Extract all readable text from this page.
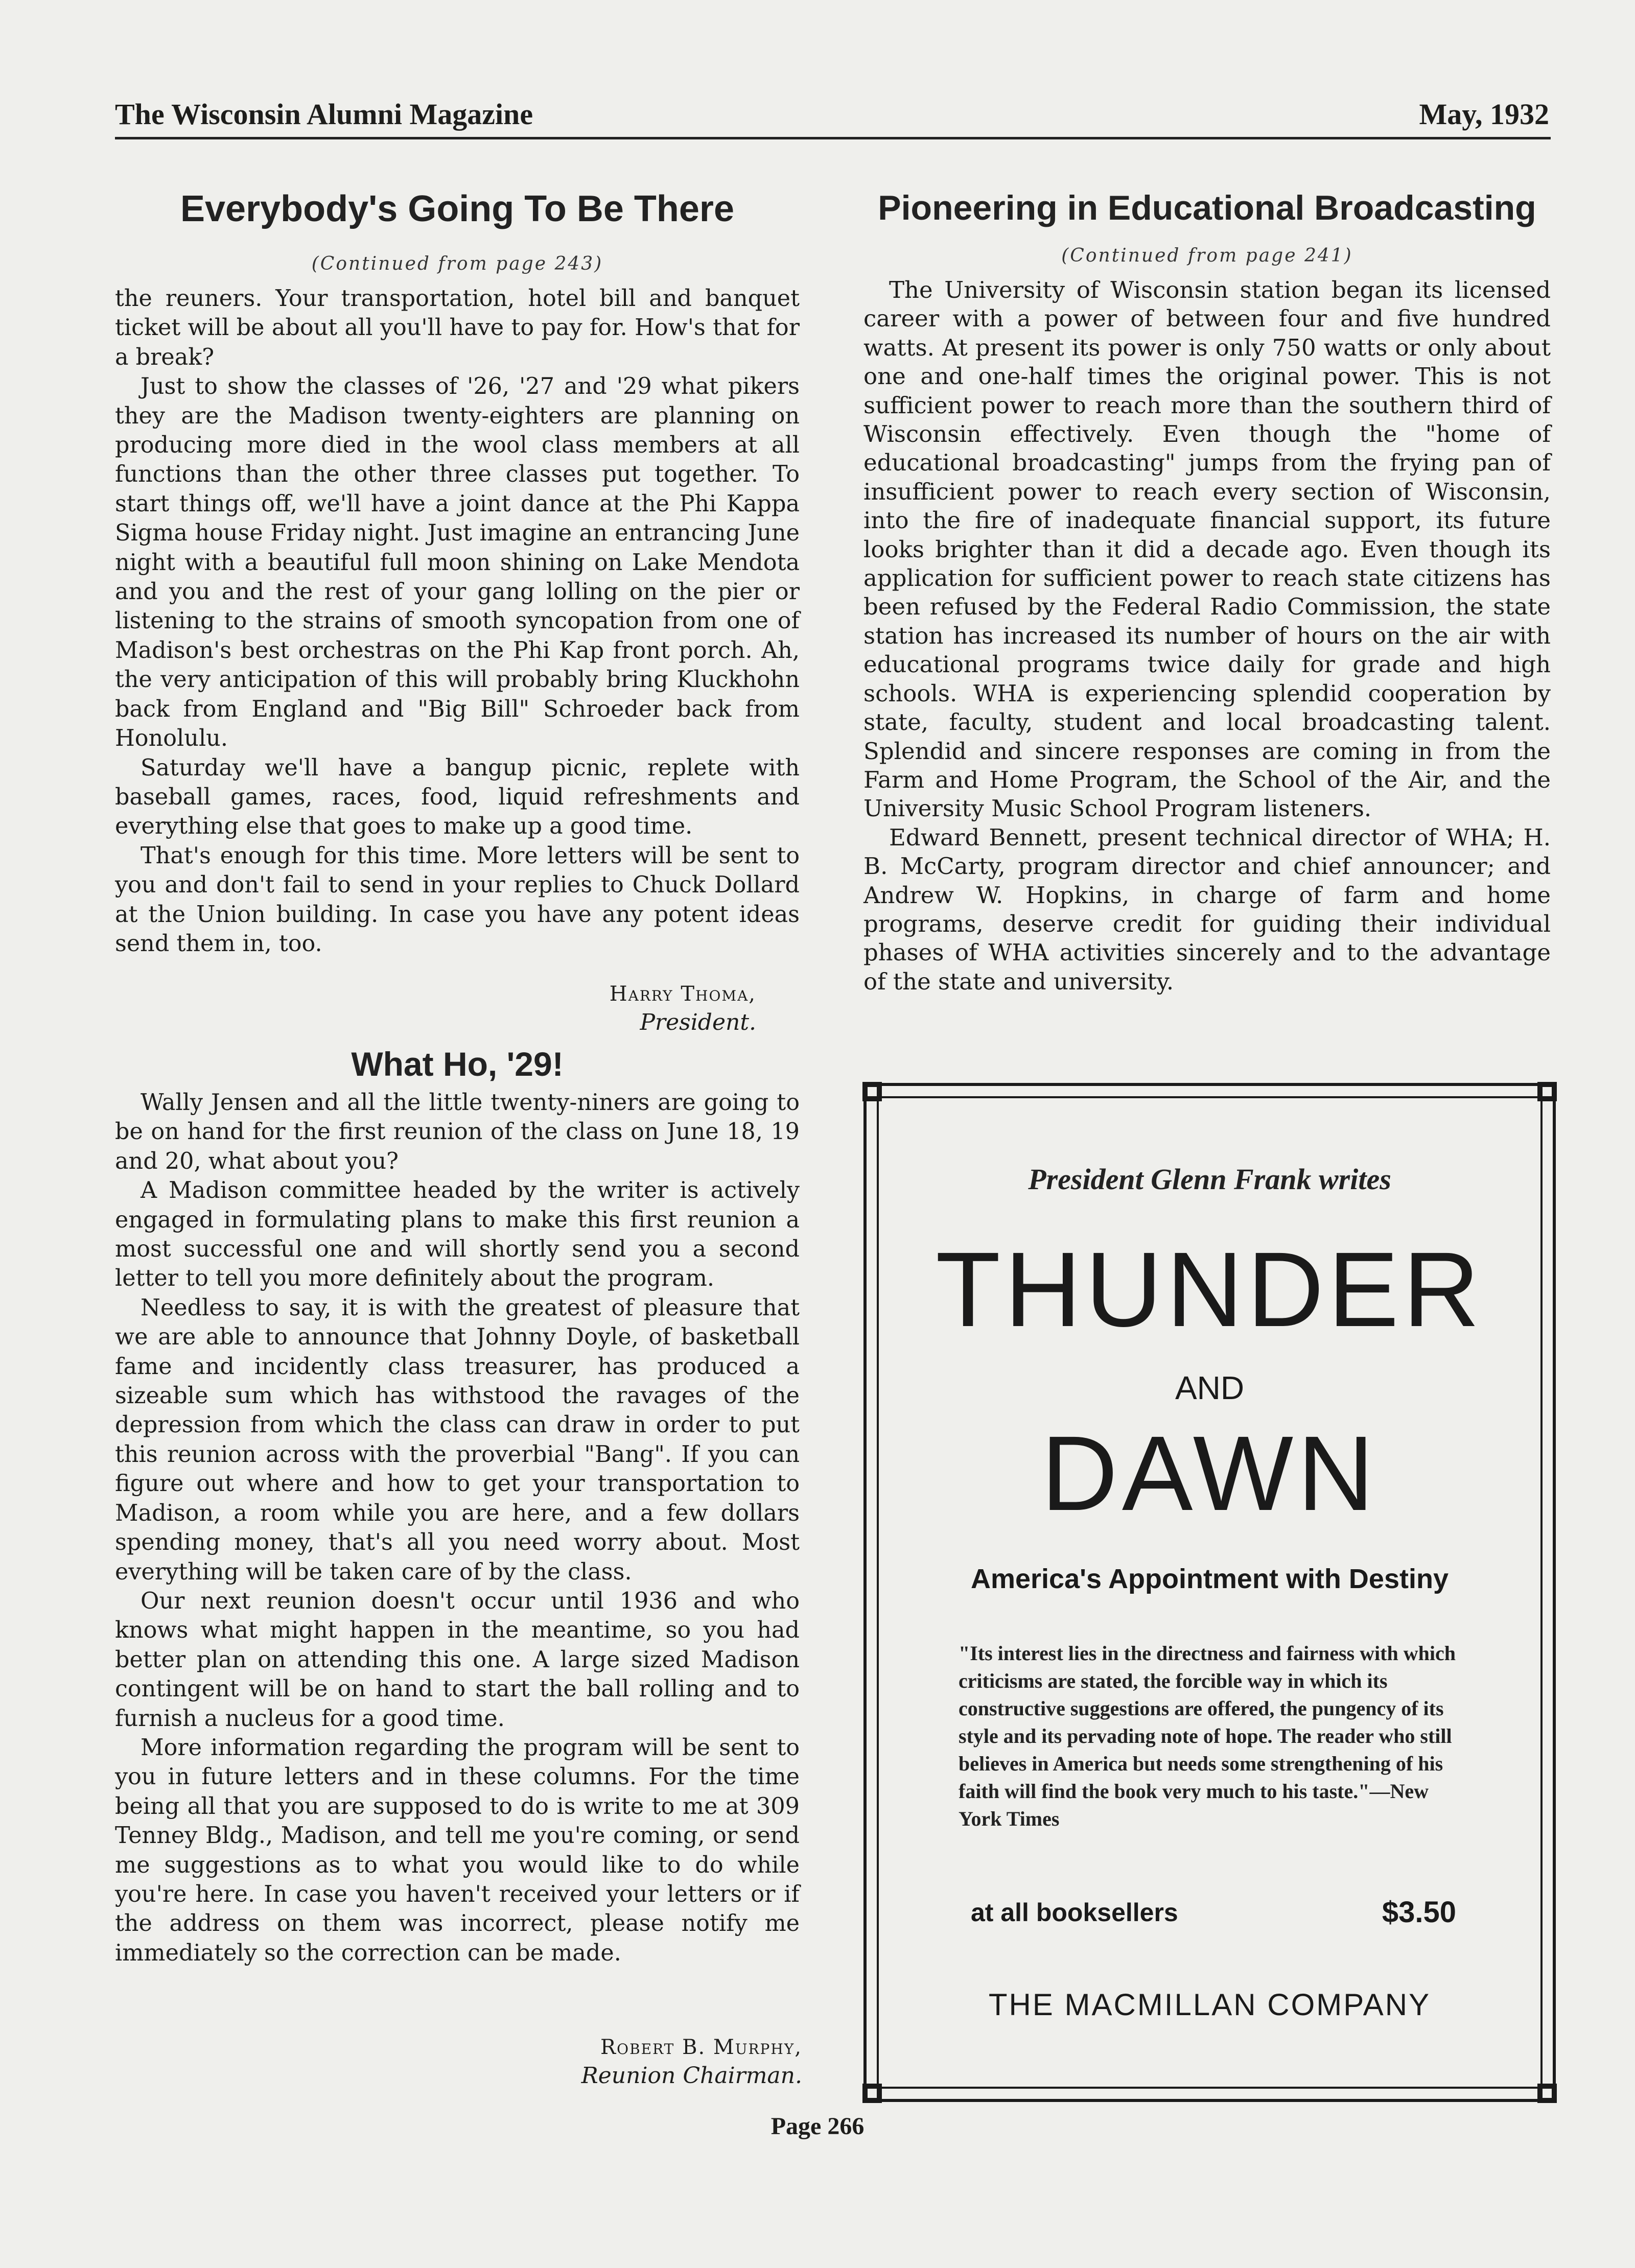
The Wisconsin Alumni Magazine	May, 1932
Everybody's Going To Be There
(Continued from page 243)

the reuners. Your transportation, hotel bill and banquet ticket will be about all you'll have to pay for. How's that for a break?

Just to show the classes of '26, '27 and '29 what pikers they are the Madison twenty-eighters are planning on producing more died in the wool class members at all functions than the other three classes put together. To start things off, we'll have a joint dance at the Phi Kappa Sigma house Friday night. Just imagine an entrancing June night with a beautiful full moon shining on Lake Mendota and you and the rest of your gang lolling on the pier or listening to the strains of smooth syncopation from one of Madison's best orchestras on the Phi Kap front porch. Ah, the very anticipation of this will probably bring Kluckhohn back from England and "Big Bill" Schroeder back from Honolulu.

Saturday we'll have a bangup picnic, replete with baseball games, races, food, liquid refreshments and everything else that goes to make up a good time.

That's enough for this time. More letters will be sent to you and don't fail to send in your replies to Chuck Dollard at the Union building. In case you have any potent ideas send them in, too.

Harry Thoma,
President.
What Ho, '29!

Wally Jensen and all the little twenty-niners are going to be on hand for the first reunion of the class on June 18, 19 and 20, what about you?

A Madison committee headed by the writer is actively engaged in formulating plans to make this first reunion a most successful one and will shortly send you a second letter to tell you more definitely about the program.

Needless to say, it is with the greatest of pleasure that we are able to announce that Johnny Doyle, of basketball fame and incidently class treasurer, has produced a sizeable sum which has withstood the ravages of the depression from which the class can draw in order to put this reunion across with the proverbial "Bang". If you can figure out where and how to get your transportation to Madison, a room while you are here, and a few dollars spending money, that's all you need worry about. Most everything will be taken care of by the class.

Our next reunion doesn't occur until 1936 and who knows what might happen in the meantime, so you had better plan on attending this one. A large sized Madison contingent will be on hand to start the ball rolling and to furnish a nucleus for a good time.

More information regarding the program will be sent to you in future letters and in these columns. For the time being all that you are supposed to do is write to me at 309 Tenney Bldg., Madison, and tell me you're coming, or send me suggestions as to what you would like to do while you're here. In case you haven't received your letters or if the address on them was incorrect, please notify me immediately so the correction can be made.

Robert B. Murphy,
Reunion Chairman.
Pioneering in Educational Broadcasting
(Continued from page 241)

The University of Wisconsin station began its licensed career with a power of between four and five hundred watts. At present its power is only 750 watts or only about one and one-half times the original power. This is not sufficient power to reach more than the southern third of Wisconsin effectively. Even though the "home of educational broadcasting" jumps from the frying pan of insufficient power to reach every section of Wisconsin, into the fire of inadequate financial support, its future looks brighter than it did a decade ago. Even though its application for sufficient power to reach state citizens has been refused by the Federal Radio Commission, the state station has increased its number of hours on the air with educational programs twice daily for grade and high schools. WHA is experiencing splendid cooperation by state, faculty, student and local broadcasting talent. Splendid and sincere responses are coming in from the Farm and Home Program, the School of the Air, and the University Music School Program listeners.

Edward Bennett, present technical director of WHA; H. B. McCarty, program director and chief announcer; and Andrew W. Hopkins, in charge of farm and home programs, deserve credit for guiding their individual phases of WHA activities sincerely and to the advantage of the state and university.

President Glenn Frank writes
THUNDER
AND
DAWN
America's Appointment with Destiny
"Its interest lies in the directness and fairness with which criticisms are stated, the forcible way in which its constructive suggestions are offered, the pungency of its style and its pervading note of hope. The reader who still believes in America but needs some strengthening of his faith will find the book very much to his taste."—New York Times
at all booksellers	$3.50
THE MACMILLAN COMPANY
Page 266
